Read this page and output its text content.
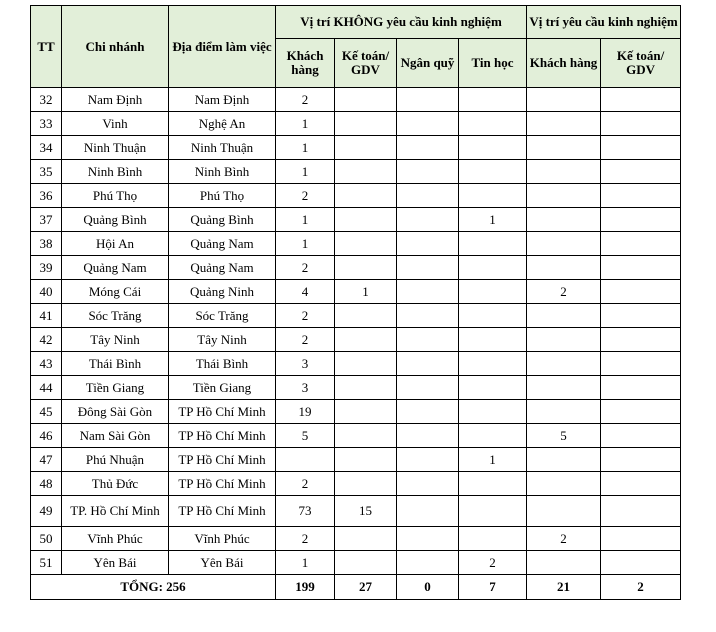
TT	Chi nhánh	Địa điểm làm việc	Vị trí KHÔNG yêu cầu kinh nghiệm				Vị trí yêu cầu kinh nghiệm	
			Khách hàng	Kế toán/ GDV	Ngân quỹ	Tin học	Khách hàng	Kế toán/ GDV
32	Nam Định	Nam Định	2					
33	Vinh	Nghệ An	1					
34	Ninh Thuận	Ninh Thuận	1					
35	Ninh Bình	Ninh Bình	1					
36	Phú Thọ	Phú Thọ	2					
37	Quảng Bình	Quảng Bình	1			1		
38	Hội An	Quảng Nam	1					
39	Quảng Nam	Quảng Nam	2					
40	Móng Cái	Quảng Ninh	4	1			2	
41	Sóc Trăng	Sóc Trăng	2					
42	Tây Ninh	Tây Ninh	2					
43	Thái Bình	Thái Bình	3					
44	Tiền Giang	Tiền Giang	3					
45	Đông Sài Gòn	TP Hồ Chí Minh	19					
46	Nam Sài Gòn	TP Hồ Chí Minh	5				5	
47	Phú Nhuận	TP Hồ Chí Minh				1		
48	Thủ Đức	TP Hồ Chí Minh	2					
49	TP. Hồ Chí Minh	TP Hồ Chí Minh	73	15				
50	Vĩnh Phúc	Vĩnh Phúc	2				2	
51	Yên Bái	Yên Bái	1			2		
TỔNG: 256			199	27	0	7	21	2
